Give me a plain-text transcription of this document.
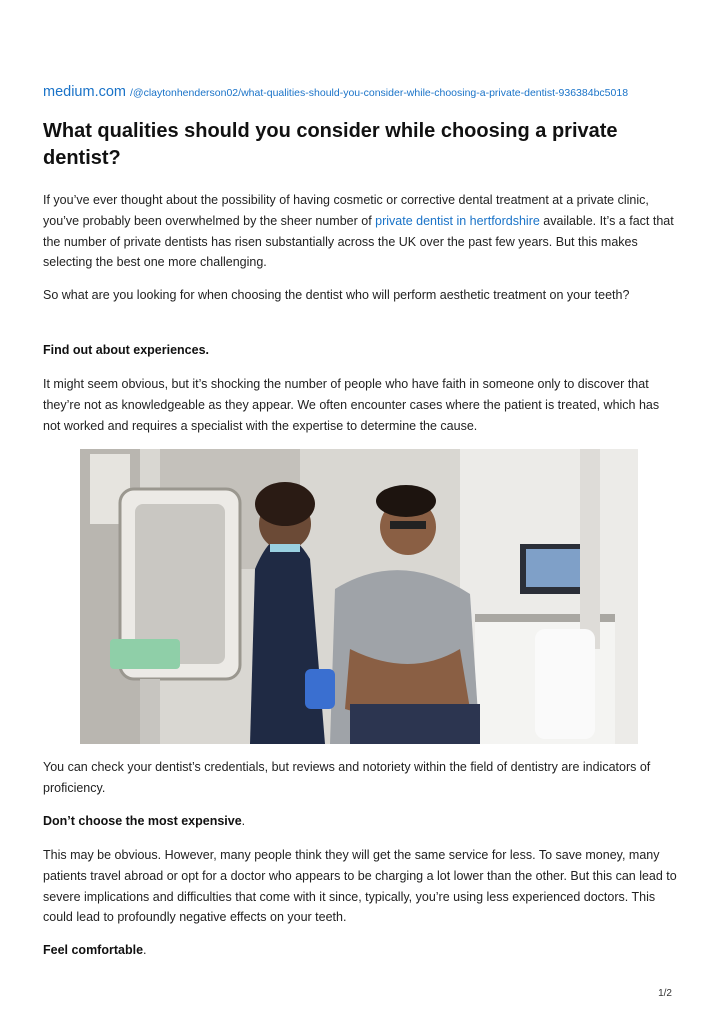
medium.com /@claytonhenderson02/what-qualities-should-you-consider-while-choosing-a-private-dentist-936384bc5018
What qualities should you consider while choosing a private dentist?

If you’ve ever thought about the possibility of having cosmetic or corrective dental treatment at a private clinic, you’ve probably been overwhelmed by the sheer number of private dentist in hertfordshire available. It’s a fact that the number of private dentists has risen substantially across the UK over the past few years. But this makes selecting the best one more challenging.

So what are you looking for when choosing the dentist who will perform aesthetic treatment on your teeth?

Find out about experiences.

It might seem obvious, but it’s shocking the number of people who have faith in someone only to discover that they’re not as knowledgeable as they appear. We often encounter cases where the patient is treated, which has not worked and requires a specialist with the expertise to determine the cause.

You can check your dentist’s credentials, but reviews and notoriety within the field of dentistry are indicators of proficiency.

Don’t choose the most expensive.

This may be obvious. However, many people think they will get the same service for less. To save money, many patients travel abroad or opt for a doctor who appears to be charging a lot lower than the other. But this can lead to severe implications and difficulties that come with it since, typically, you’re using less experienced doctors. This could lead to profoundly negative effects on your teeth.

Feel comfortable.

1/2
